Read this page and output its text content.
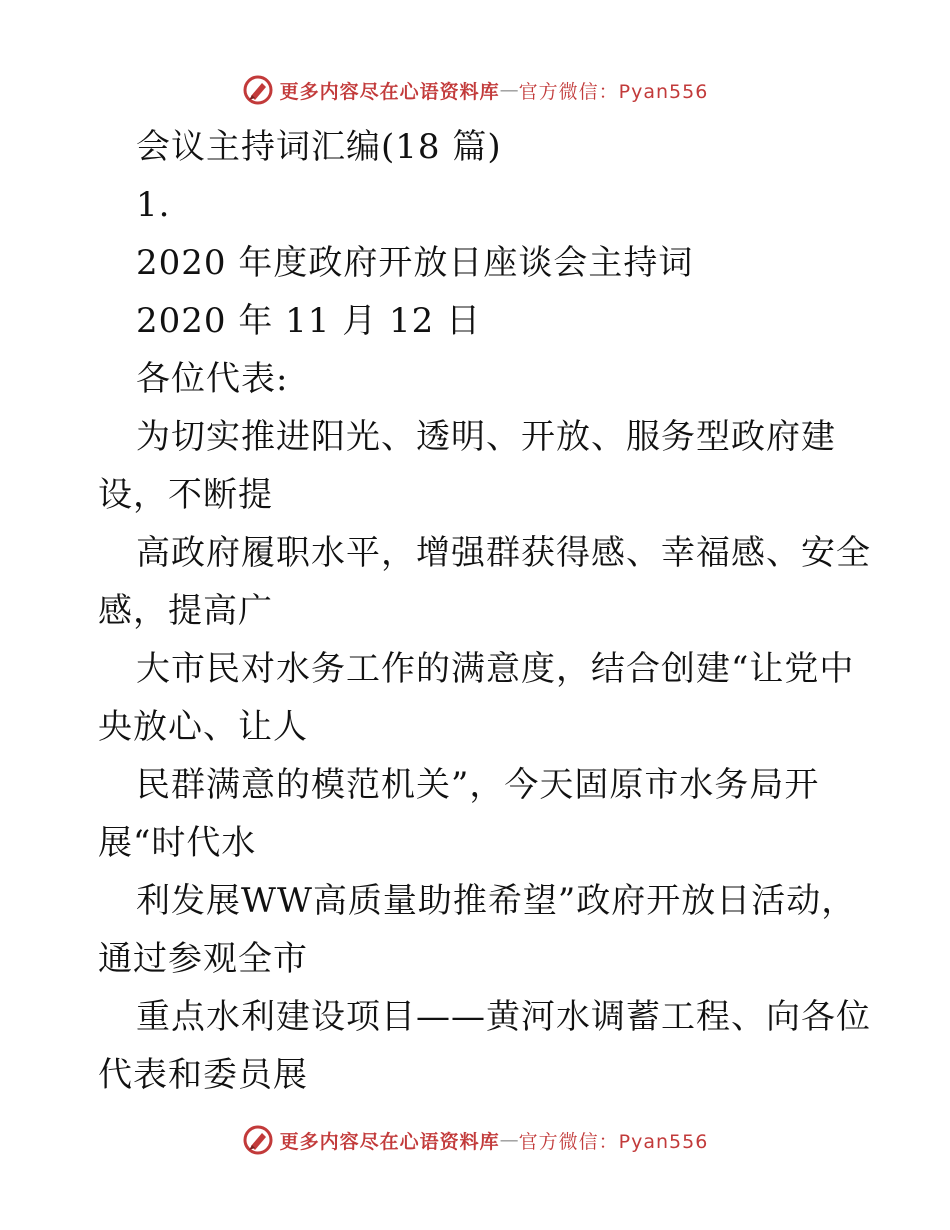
更多内容尽在心语资料库 — 官方微信：Pyan556
会议主持词汇编(18 篇)
1.
2020 年度政府开放日座谈会主持词
2020 年 11 月 12 日
各位代表:
为切实推进阳光、透明、开放、服务型政府建
设，不断提
高政府履职水平，增强群获得感、幸福感、安全
感，提高广
大市民对水务工作的满意度，结合创建“让党中
央放心、让人
民群满意的模范机关”，今天固原市水务局开
展“时代水
利发展WW高质量助推希望”政府开放日活动，
通过参观全市
重点水利建设项目——黄河水调蓄工程、向各位
代表和委员展
更多内容尽在心语资料库 — 官方微信：Pyan556
